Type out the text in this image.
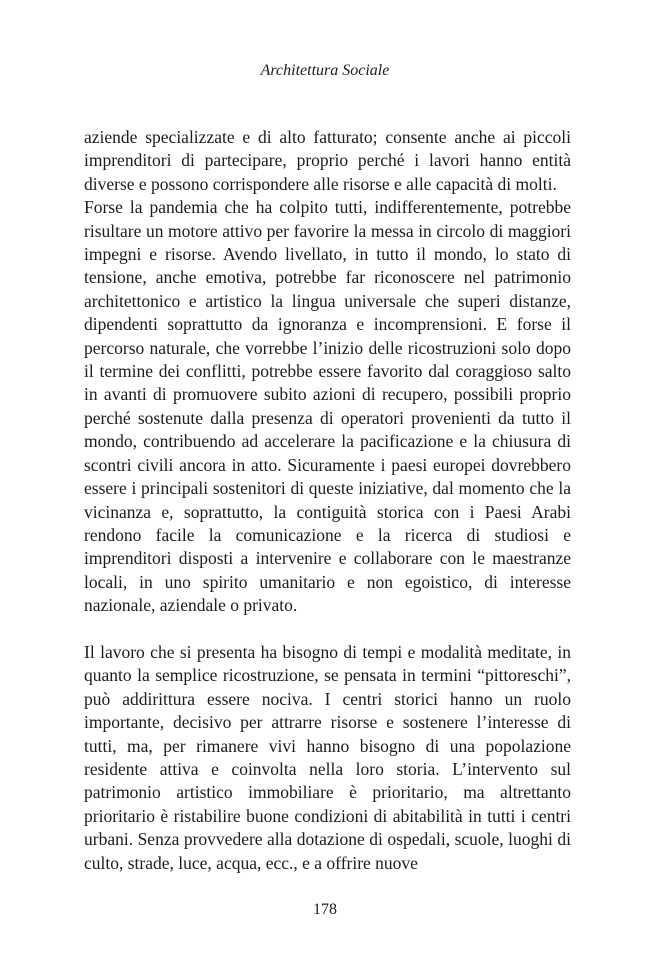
Architettura Sociale

aziende specializzate e di alto fatturato; consente anche ai piccoli imprenditori di partecipare, proprio perché i lavori hanno entità diverse e possono corrispondere alle risorse e alle capacità di molti.

Forse la pandemia che ha colpito tutti, indifferentemente, potrebbe risultare un motore attivo per favorire la messa in circolo di maggiori impegni e risorse. Avendo livellato, in tutto il mondo, lo stato di tensione, anche emotiva, potrebbe far riconoscere nel patrimonio architettonico e artistico la lingua universale che superi distanze, dipendenti soprattutto da ignoranza e incomprensioni. E forse il percorso naturale, che vorrebbe l’inizio delle ricostruzioni solo dopo il termine dei conflitti, potrebbe essere favorito dal coraggioso salto in avanti di promuovere subito azioni di recupero, possibili proprio perché sostenute dalla presenza di operatori provenienti da tutto il mondo, contribuendo ad accelerare la pacificazione e la chiusura di scontri civili ancora in atto. Sicuramente i paesi europei dovrebbero essere i principali sostenitori di queste iniziative, dal momento che la vicinanza e, soprattutto, la contiguità storica con i Paesi Arabi rendono facile la comunicazione e la ricerca di studiosi e imprenditori disposti a intervenire e collaborare con le maestranze locali, in uno spirito umanitario e non egoistico, di interesse nazionale, aziendale o privato.

Il lavoro che si presenta ha bisogno di tempi e modalità meditate, in quanto la semplice ricostruzione, se pensata in termini “pittoreschi”, può addirittura essere nociva. I centri storici hanno un ruolo importante, decisivo per attrarre risorse e sostenere l’interesse di tutti, ma, per rimanere vivi hanno bisogno di una popolazione residente attiva e coinvolta nella loro storia. L’intervento sul patrimonio artistico immobiliare è prioritario, ma altrettanto prioritario è ristabilire buone condizioni di abitabilità in tutti i centri urbani. Senza provvedere alla dotazione di ospedali, scuole, luoghi di culto, strade, luce, acqua, ecc., e a offrire nuove

178
